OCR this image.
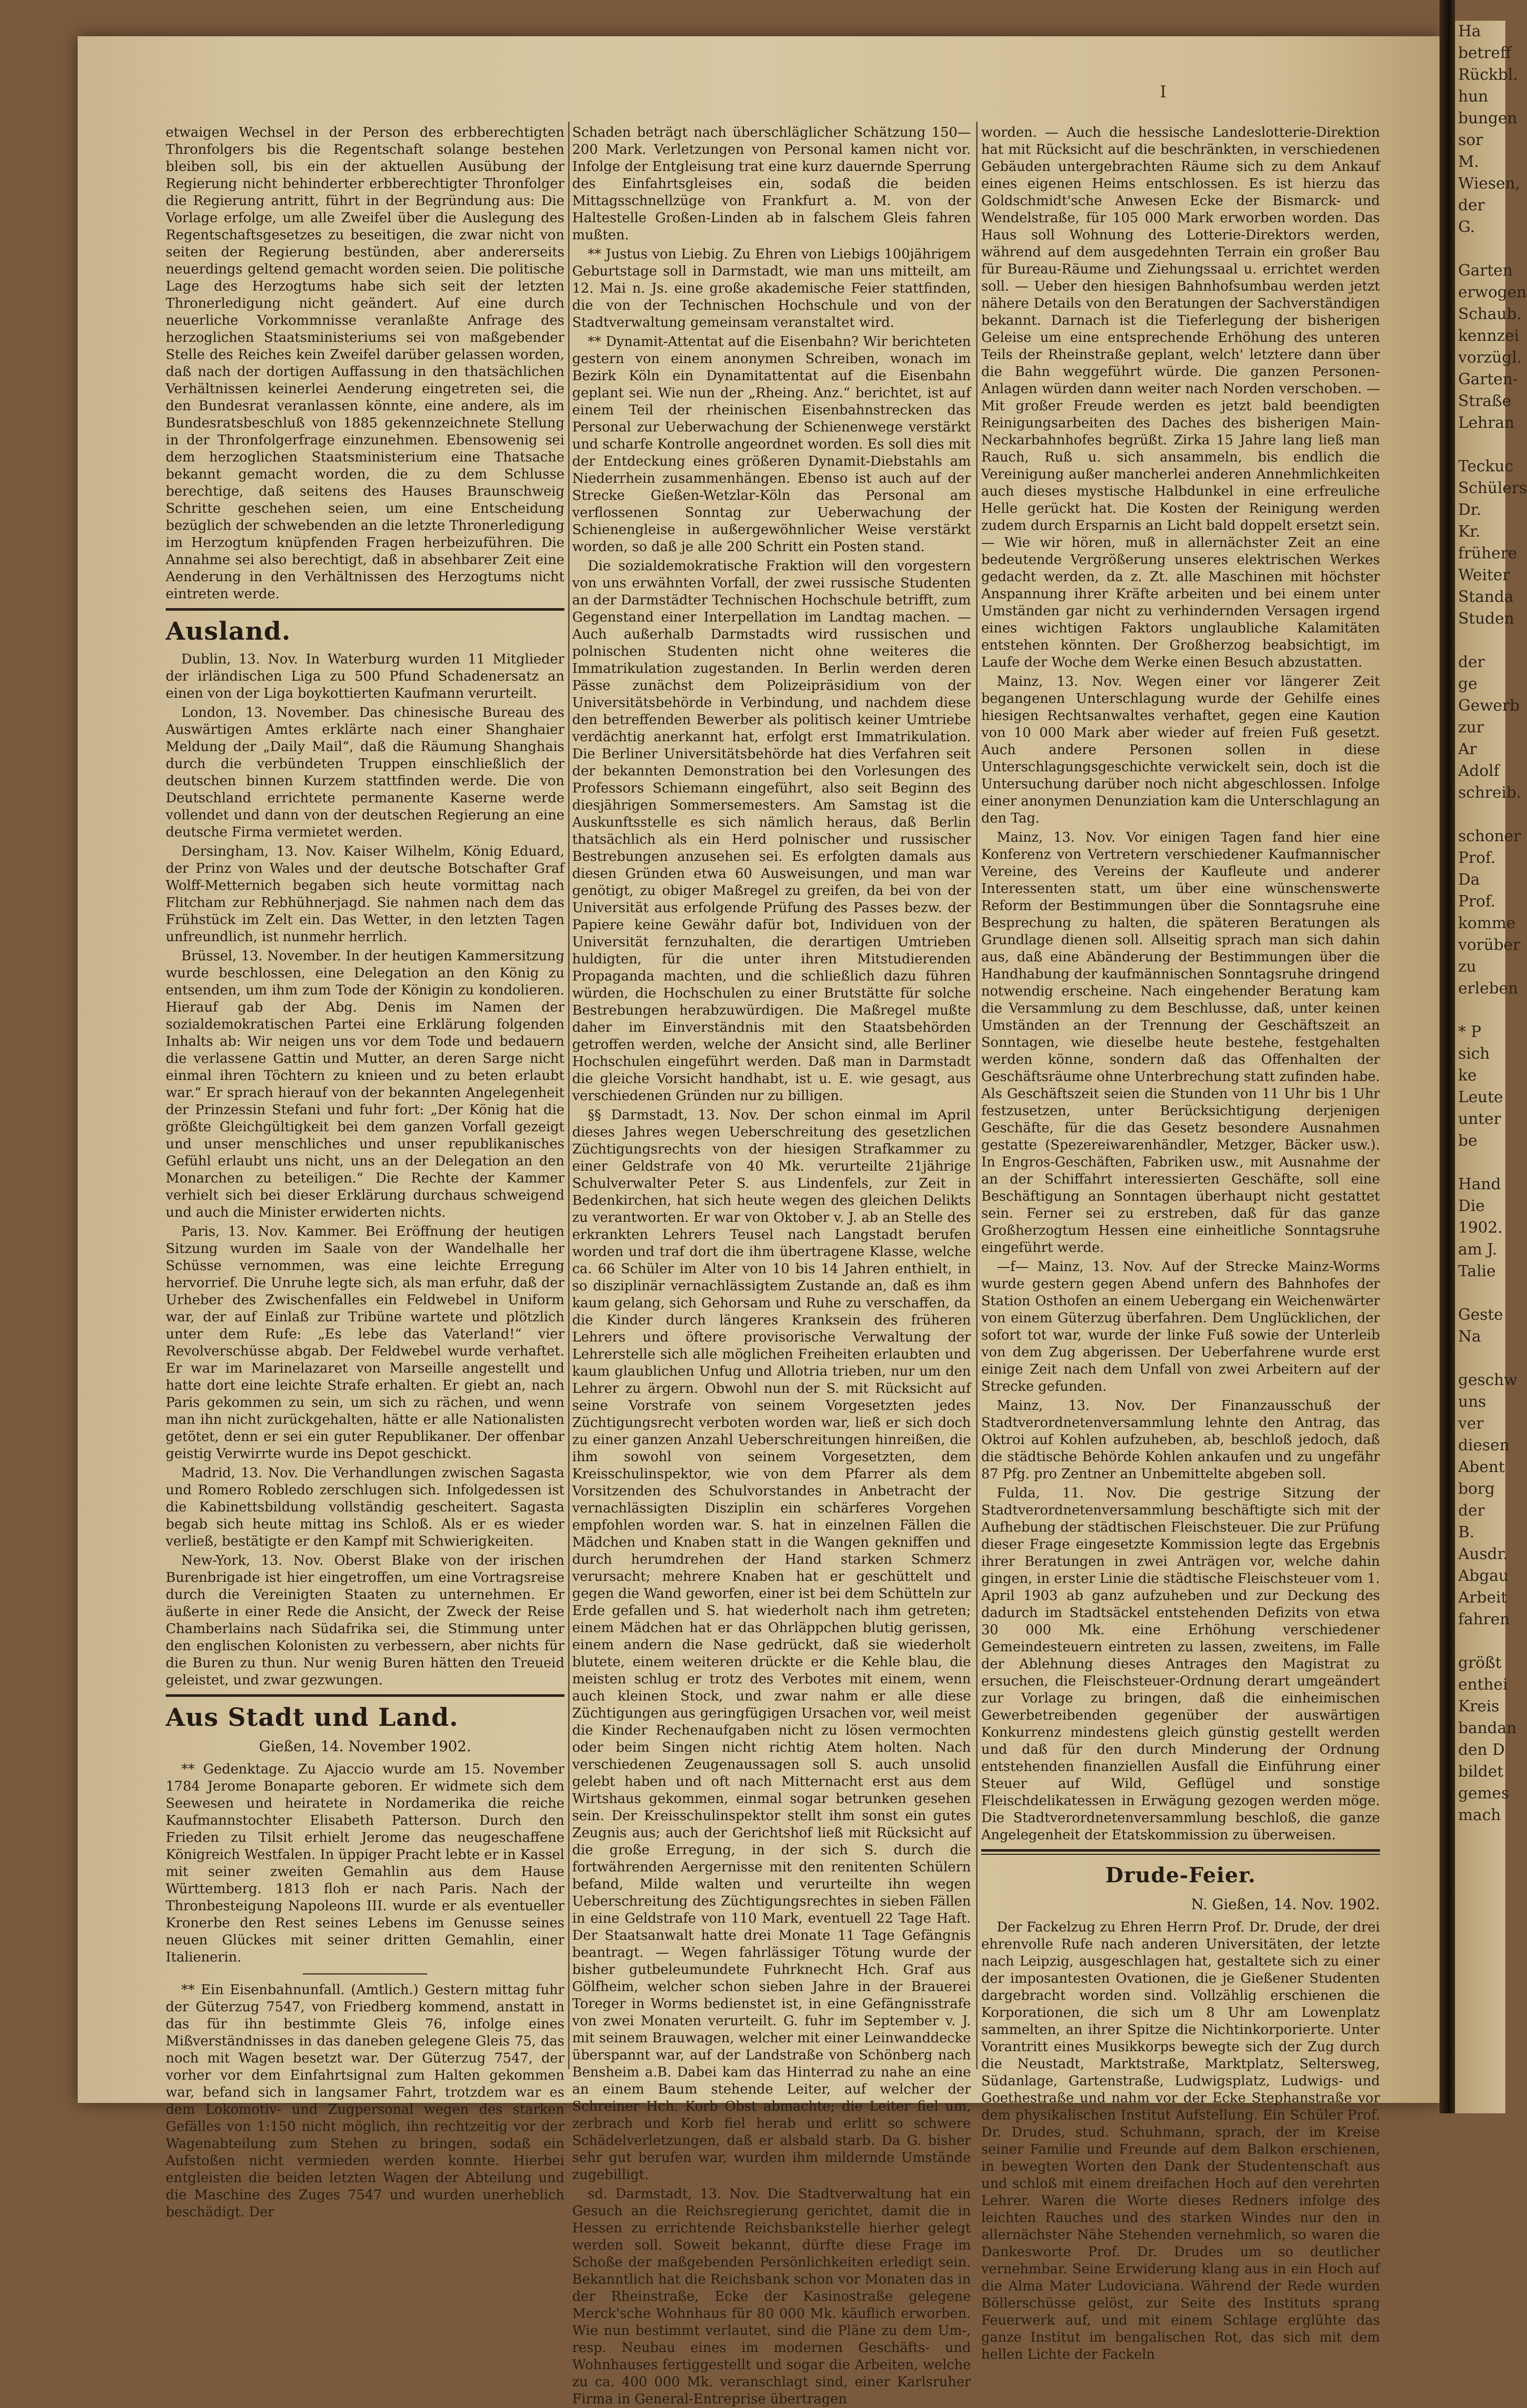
I
Ha
betreff
Rückbl.
hun
bungen
sor M.
Wiesen,
der G.

Garten
erwogen
Schaub.
kennzei
vorzügl.
Garten-
Straße
Lehran

Teckuc
Schülers
Dr. Kr.
frühere
Weiter
Standa
Studen

der ge
Gewerb
zur Ar
Adolf
schreib.

schoner
Prof. Da
Prof.
komme
vorüber
zu
erleben

* P
sich ke
Leute
unter be

Hand
Die
1902.
am J.
Talie

Geste
Na

geschw
uns ver
diesen
Abent
borg
der B.
Ausdr.
Abgau
Arbeit
fahren

größt
enthei
Kreis
bandan
den D
bildet
gemes
mach

etwaigen Wechsel in der Person des erbberechtigten Thronfolgers bis die Regentschaft solange bestehen bleiben soll, bis ein der aktuellen Ausübung der Regierung nicht behinderter erbberechtigter Thronfolger die Regierung antritt, führt in der Begründung aus: Die Vorlage erfolge, um alle Zweifel über die Auslegung des Regentschaftsgesetzes zu beseitigen, die zwar nicht von seiten der Regierung bestünden, aber andererseits neuerdings geltend gemacht worden seien. Die politische Lage des Herzogtums habe sich seit der letzten Thronerledigung nicht geändert. Auf eine durch neuerliche Vorkommnisse veranlaßte Anfrage des herzoglichen Staatsministeriums sei von maßgebender Stelle des Reiches kein Zweifel darüber gelassen worden, daß nach der dortigen Auffassung in den thatsächlichen Verhältnissen keinerlei Aenderung eingetreten sei, die den Bundesrat veranlassen könnte, eine andere, als im Bundesratsbeschluß von 1885 gekennzeichnete Stellung in der Thronfolgerfrage einzunehmen. Ebensowenig sei dem herzoglichen Staatsministerium eine Thatsache bekannt gemacht worden, die zu dem Schlusse berechtige, daß seitens des Hauses Braunschweig Schritte geschehen seien, um eine Entscheidung bezüglich der schwebenden an die letzte Thronerledigung im Herzogtum knüpfenden Fragen herbeizuführen. Die Annahme sei also berechtigt, daß in absehbarer Zeit eine Aenderung in den Verhältnissen des Herzogtums nicht eintreten werde.

Ausland.

Dublin, 13. Nov. In Waterburg wurden 11 Mitglieder der irländischen Liga zu 500 Pfund Schadenersatz an einen von der Liga boykottierten Kaufmann verurteilt.

London, 13. November. Das chinesische Bureau des Auswärtigen Amtes erklärte nach einer Shanghaier Meldung der „Daily Mail“, daß die Räumung Shanghais durch die verbündeten Truppen einschließlich der deutschen binnen Kurzem stattfinden werde. Die von Deutschland errichtete permanente Kaserne werde vollendet und dann von der deutschen Regierung an eine deutsche Firma vermietet werden.

Dersingham, 13. Nov. Kaiser Wilhelm, König Eduard, der Prinz von Wales und der deutsche Botschafter Graf Wolff-Metternich begaben sich heute vormittag nach Flitcham zur Rebhühnerjagd. Sie nahmen nach dem das Frühstück im Zelt ein. Das Wetter, in den letzten Tagen unfreundlich, ist nunmehr herrlich.

Brüssel, 13. November. In der heutigen Kammersitzung wurde beschlossen, eine Delegation an den König zu entsenden, um ihm zum Tode der Königin zu kondolieren. Hierauf gab der Abg. Denis im Namen der sozialdemokratischen Partei eine Erklärung folgenden Inhalts ab: Wir neigen uns vor dem Tode und bedauern die verlassene Gattin und Mutter, an deren Sarge nicht einmal ihren Töchtern zu knieen und zu beten erlaubt war.“ Er sprach hierauf von der bekannten Angelegenheit der Prinzessin Stefani und fuhr fort: „Der König hat die größte Gleichgültigkeit bei dem ganzen Vorfall gezeigt und unser menschliches und unser republikanisches Gefühl erlaubt uns nicht, uns an der Delegation an den Monarchen zu beteiligen.“ Die Rechte der Kammer verhielt sich bei dieser Erklärung durchaus schweigend und auch die Minister erwiderten nichts.

Paris, 13. Nov. Kammer. Bei Eröffnung der heutigen Sitzung wurden im Saale von der Wandelhalle her Schüsse vernommen, was eine leichte Erregung hervorrief. Die Unruhe legte sich, als man erfuhr, daß der Urheber des Zwischenfalles ein Feldwebel in Uniform war, der auf Einlaß zur Tribüne wartete und plötzlich unter dem Rufe: „Es lebe das Vaterland!“ vier Revolverschüsse abgab. Der Feldwebel wurde verhaftet. Er war im Marinelazaret von Marseille angestellt und hatte dort eine leichte Strafe erhalten. Er giebt an, nach Paris gekommen zu sein, um sich zu rächen, und wenn man ihn nicht zurückgehalten, hätte er alle Nationalisten getötet, denn er sei ein guter Republikaner. Der offenbar geistig Verwirrte wurde ins Depot geschickt.

Madrid, 13. Nov. Die Verhandlungen zwischen Sagasta und Romero Robledo zerschlugen sich. Infolgedessen ist die Kabinettsbildung vollständig gescheitert. Sagasta begab sich heute mittag ins Schloß. Als er es wieder verließ, bestätigte er den Kampf mit Schwierigkeiten.

New-York, 13. Nov. Oberst Blake von der irischen Burenbrigade ist hier eingetroffen, um eine Vortragsreise durch die Vereinigten Staaten zu unternehmen. Er äußerte in einer Rede die Ansicht, der Zweck der Reise Chamberlains nach Südafrika sei, die Stimmung unter den englischen Kolonisten zu verbessern, aber nichts für die Buren zu thun. Nur wenig Buren hätten den Treueid geleistet, und zwar gezwungen.

Aus Stadt und Land.
Gießen, 14. November 1902.

** Gedenktage. Zu Ajaccio wurde am 15. November 1784 Jerome Bonaparte geboren. Er widmete sich dem Seewesen und heiratete in Nordamerika die reiche Kaufmannstochter Elisabeth Patterson. Durch den Frieden zu Tilsit erhielt Jerome das neugeschaffene Königreich Westfalen. In üppiger Pracht lebte er in Kassel mit seiner zweiten Gemahlin aus dem Hause Württemberg. 1813 floh er nach Paris. Nach der Thronbesteigung Napoleons III. wurde er als eventueller Kronerbe den Rest seines Lebens im Genusse seines neuen Glückes mit seiner dritten Gemahlin, einer Italienerin.

** Ein Eisenbahnunfall. (Amtlich.) Gestern mittag fuhr der Güterzug 7547, von Friedberg kommend, anstatt in das für ihn bestimmte Gleis 76, infolge eines Mißverständnisses in das daneben gelegene Gleis 75, das noch mit Wagen besetzt war. Der Güterzug 7547, der vorher vor dem Einfahrtsignal zum Halten gekommen war, befand sich in langsamer Fahrt, trotzdem war es dem Lokomotiv- und Zugpersonal wegen des starken Gefälles von 1:150 nicht möglich, ihn rechtzeitig vor der Wagenabteilung zum Stehen zu bringen, sodaß ein Aufstoßen nicht vermieden werden konnte. Hierbei entgleisten die beiden letzten Wagen der Abteilung und die Maschine des Zuges 7547 und wurden unerheblich beschädigt. Der

Schaden beträgt nach überschläglicher Schätzung 150—200 Mark. Verletzungen von Personal kamen nicht vor. Infolge der Entgleisung trat eine kurz dauernde Sperrung des Einfahrtsgleises ein, sodaß die beiden Mittagsschnellzüge von Frankfurt a. M. von der Haltestelle Großen-Linden ab in falschem Gleis fahren mußten.

** Justus von Liebig. Zu Ehren von Liebigs 100jährigem Geburtstage soll in Darmstadt, wie man uns mitteilt, am 12. Mai n. Js. eine große akademische Feier stattfinden, die von der Technischen Hochschule und von der Stadtverwaltung gemeinsam veranstaltet wird.

** Dynamit-Attentat auf die Eisenbahn? Wir berichteten gestern von einem anonymen Schreiben, wonach im Bezirk Köln ein Dynamitattentat auf die Eisenbahn geplant sei. Wie nun der „Rheing. Anz.“ berichtet, ist auf einem Teil der rheinischen Eisenbahnstrecken das Personal zur Ueberwachung der Schienenwege verstärkt und scharfe Kontrolle angeordnet worden. Es soll dies mit der Entdeckung eines größeren Dynamit-Diebstahls am Niederrhein zusammenhängen. Ebenso ist auch auf der Strecke Gießen-Wetzlar-Köln das Personal am verflossenen Sonntag zur Ueberwachung der Schienengleise in außergewöhnlicher Weise verstärkt worden, so daß je alle 200 Schritt ein Posten stand.

Die sozialdemokratische Fraktion will den vorgestern von uns erwähnten Vorfall, der zwei russische Studenten an der Darmstädter Technischen Hochschule betrifft, zum Gegenstand einer Interpellation im Landtag machen. — Auch außerhalb Darmstadts wird russischen und polnischen Studenten nicht ohne weiteres die Immatrikulation zugestanden. In Berlin werden deren Pässe zunächst dem Polizeipräsidium von der Universitätsbehörde in Verbindung, und nachdem diese den betreffenden Bewerber als politisch keiner Umtriebe verdächtig anerkannt hat, erfolgt erst Immatrikulation. Die Berliner Universitätsbehörde hat dies Verfahren seit der bekannten Demonstration bei den Vorlesungen des Professors Schiemann eingeführt, also seit Beginn des diesjährigen Sommersemesters. Am Samstag ist die Auskunftsstelle es sich nämlich heraus, daß Berlin thatsächlich als ein Herd polnischer und russischer Bestrebungen anzusehen sei. Es erfolgten damals aus diesen Gründen etwa 60 Ausweisungen, und man war genötigt, zu obiger Maßregel zu greifen, da bei von der Universität aus erfolgende Prüfung des Passes bezw. der Papiere keine Gewähr dafür bot, Individuen von der Universität fernzuhalten, die derartigen Umtrieben huldigten, für die unter ihren Mitstudierenden Propaganda machten, und die schließlich dazu führen würden, die Hochschulen zu einer Brutstätte für solche Bestrebungen herabzuwürdigen. Die Maßregel mußte daher im Einverständnis mit den Staatsbehörden getroffen werden, welche der Ansicht sind, alle Berliner Hochschulen eingeführt werden. Daß man in Darmstadt die gleiche Vorsicht handhabt, ist u. E. wie gesagt, aus verschiedenen Gründen nur zu billigen.

§§ Darmstadt, 13. Nov. Der schon einmal im April dieses Jahres wegen Ueberschreitung des gesetzlichen Züchtigungsrechts von der hiesigen Strafkammer zu einer Geldstrafe von 40 Mk. verurteilte 21jährige Schulverwalter Peter S. aus Lindenfels, zur Zeit in Bedenkirchen, hat sich heute wegen des gleichen Delikts zu verantworten. Er war von Oktober v. J. ab an Stelle des erkrankten Lehrers Teusel nach Langstadt berufen worden und traf dort die ihm übertragene Klasse, welche ca. 66 Schüler im Alter von 10 bis 14 Jahren enthielt, in so disziplinär vernachlässigtem Zustande an, daß es ihm kaum gelang, sich Gehorsam und Ruhe zu verschaffen, da die Kinder durch längeres Kranksein des früheren Lehrers und öftere provisorische Verwaltung der Lehrerstelle sich alle möglichen Freiheiten erlaubten und kaum glaublichen Unfug und Allotria trieben, nur um den Lehrer zu ärgern. Obwohl nun der S. mit Rücksicht auf seine Vorstrafe von seinem Vorgesetzten jedes Züchtigungsrecht verboten worden war, ließ er sich doch zu einer ganzen Anzahl Ueberschreitungen hinreißen, die ihm sowohl von seinem Vorgesetzten, dem Kreisschulinspektor, wie von dem Pfarrer als dem Vorsitzenden des Schulvorstandes in Anbetracht der vernachlässigten Disziplin ein schärferes Vorgehen empfohlen worden war. S. hat in einzelnen Fällen die Mädchen und Knaben statt in die Wangen gekniffen und durch herumdrehen der Hand starken Schmerz verursacht; mehrere Knaben hat er geschüttelt und gegen die Wand geworfen, einer ist bei dem Schütteln zur Erde gefallen und S. hat wiederholt nach ihm getreten; einem Mädchen hat er das Ohrläppchen blutig gerissen, einem andern die Nase gedrückt, daß sie wiederholt blutete, einem weiteren drückte er die Kehle blau, die meisten schlug er trotz des Verbotes mit einem, wenn auch kleinen Stock, und zwar nahm er alle diese Züchtigungen aus geringfügigen Ursachen vor, weil meist die Kinder Rechenaufgaben nicht zu lösen vermochten oder beim Singen nicht richtig Atem holten. Nach verschiedenen Zeugenaussagen soll S. auch unsolid gelebt haben und oft nach Mitternacht erst aus dem Wirtshaus gekommen, einmal sogar betrunken gesehen sein. Der Kreisschulinspektor stellt ihm sonst ein gutes Zeugnis aus; auch der Gerichtshof ließ mit Rücksicht auf die große Erregung, in der sich S. durch die fortwährenden Aergernisse mit den renitenten Schülern befand, Milde walten und verurteilte ihn wegen Ueberschreitung des Züchtigungsrechtes in sieben Fällen in eine Geldstrafe von 110 Mark, eventuell 22 Tage Haft. Der Staatsanwalt hatte drei Monate 11 Tage Gefängnis beantragt. — Wegen fahrlässiger Tötung wurde der bisher gutbeleumundete Fuhrknecht Hch. Graf aus Gölfheim, welcher schon sieben Jahre in der Brauerei Toreger in Worms bedienstet ist, in eine Gefängnisstrafe von zwei Monaten verurteilt. G. fuhr im September v. J. mit seinem Brauwagen, welcher mit einer Leinwanddecke überspannt war, auf der Landstraße von Schönberg nach Bensheim a.B. Dabei kam das Hinterrad zu nahe an eine an einem Baum stehende Leiter, auf welcher der Schreiner Hch. Korb Obst abmachte; die Leiter fiel um, zerbrach und Korb fiel herab und erlitt so schwere Schädelverletzungen, daß er alsbald starb. Da G. bisher sehr gut berufen war, wurden ihm mildernde Umstände zugebilligt.

sd. Darmstadt, 13. Nov. Die Stadtverwaltung hat ein Gesuch an die Reichsregierung gerichtet, damit die in Hessen zu errichtende Reichsbankstelle hierher gelegt werden soll. Soweit bekannt, dürfte diese Frage im Schoße der maßgebenden Persönlichkeiten erledigt sein. Bekanntlich hat die Reichsbank schon vor Monaten das in der Rheinstraße, Ecke der Kasinostraße gelegene Merck'sche Wohnhaus für 80 000 Mk. käuflich erworben. Wie nun bestimmt verlautet, sind die Pläne zu dem Um-, resp. Neubau eines im modernen Geschäfts- und Wohnhauses fertiggestellt und sogar die Arbeiten, welche zu ca. 400 000 Mk. veranschlagt sind, einer Karlsruher Firma in General-Entreprise übertragen

worden. — Auch die hessische Landeslotterie-Direktion hat mit Rücksicht auf die beschränkten, in verschiedenen Gebäuden untergebrachten Räume sich zu dem Ankauf eines eigenen Heims entschlossen. Es ist hierzu das Goldschmidt'sche Anwesen Ecke der Bismarck- und Wendelstraße, für 105 000 Mark erworben worden. Das Haus soll Wohnung des Lotterie-Direktors werden, während auf dem ausgedehnten Terrain ein großer Bau für Bureau-Räume und Ziehungssaal u. errichtet werden soll. — Ueber den hiesigen Bahnhofsumbau werden jetzt nähere Details von den Beratungen der Sachverständigen bekannt. Darnach ist die Tieferlegung der bisherigen Geleise um eine entsprechende Erhöhung des unteren Teils der Rheinstraße geplant, welch' letztere dann über die Bahn weggeführt würde. Die ganzen Personen-Anlagen würden dann weiter nach Norden verschoben. — Mit großer Freude werden es jetzt bald beendigten Reinigungsarbeiten des Daches des bisherigen Main-Neckarbahnhofes begrüßt. Zirka 15 Jahre lang ließ man Rauch, Ruß u. sich ansammeln, bis endlich die Vereinigung außer mancherlei anderen Annehmlichkeiten auch dieses mystische Halbdunkel in eine erfreuliche Helle gerückt hat. Die Kosten der Reinigung werden zudem durch Ersparnis an Licht bald doppelt ersetzt sein. — Wie wir hören, muß in allernächster Zeit an eine bedeutende Vergrößerung unseres elektrischen Werkes gedacht werden, da z. Zt. alle Maschinen mit höchster Anspannung ihrer Kräfte arbeiten und bei einem unter Umständen gar nicht zu verhindernden Versagen irgend eines wichtigen Faktors unglaubliche Kalamitäten entstehen könnten. Der Großherzog beabsichtigt, im Laufe der Woche dem Werke einen Besuch abzustatten.

Mainz, 13. Nov. Wegen einer vor längerer Zeit begangenen Unterschlagung wurde der Gehilfe eines hiesigen Rechtsanwaltes verhaftet, gegen eine Kaution von 10 000 Mark aber wieder auf freien Fuß gesetzt. Auch andere Personen sollen in diese Unterschlagungsgeschichte verwickelt sein, doch ist die Untersuchung darüber noch nicht abgeschlossen. Infolge einer anonymen Denunziation kam die Unterschlagung an den Tag.

Mainz, 13. Nov. Vor einigen Tagen fand hier eine Konferenz von Vertretern verschiedener Kaufmannischer Vereine, des Vereins der Kaufleute und anderer Interessenten statt, um über eine wünschenswerte Reform der Bestimmungen über die Sonntagsruhe eine Besprechung zu halten, die späteren Beratungen als Grundlage dienen soll. Allseitig sprach man sich dahin aus, daß eine Abänderung der Bestimmungen über die Handhabung der kaufmännischen Sonntagsruhe dringend notwendig erscheine. Nach eingehender Beratung kam die Versammlung zu dem Beschlusse, daß, unter keinen Umständen an der Trennung der Geschäftszeit an Sonntagen, wie dieselbe heute bestehe, festgehalten werden könne, sondern daß das Offenhalten der Geschäftsräume ohne Unterbrechung statt zufinden habe. Als Geschäftszeit seien die Stunden von 11 Uhr bis 1 Uhr festzusetzen, unter Berücksichtigung derjenigen Geschäfte, für die das Gesetz besondere Ausnahmen gestatte (Spezereiwarenhändler, Metzger, Bäcker usw.). In Engros-Geschäften, Fabriken usw., mit Ausnahme der an der Schiffahrt interessierten Geschäfte, soll eine Beschäftigung an Sonntagen überhaupt nicht gestattet sein. Ferner sei zu erstreben, daß für das ganze Großherzogtum Hessen eine einheitliche Sonntagsruhe eingeführt werde.

—f— Mainz, 13. Nov. Auf der Strecke Mainz-Worms wurde gestern gegen Abend unfern des Bahnhofes der Station Osthofen an einem Uebergang ein Weichenwärter von einem Güterzug überfahren. Dem Unglücklichen, der sofort tot war, wurde der linke Fuß sowie der Unterleib von dem Zug abgerissen. Der Ueberfahrene wurde erst einige Zeit nach dem Unfall von zwei Arbeitern auf der Strecke gefunden.

Mainz, 13. Nov. Der Finanzausschuß der Stadtverordnetenversammlung lehnte den Antrag, das Oktroi auf Kohlen aufzuheben, ab, beschloß jedoch, daß die städtische Behörde Kohlen ankaufen und zu ungefähr 87 Pfg. pro Zentner an Unbemittelte abgeben soll.

Fulda, 11. Nov. Die gestrige Sitzung der Stadtverordnetenversammlung beschäftigte sich mit der Aufhebung der städtischen Fleischsteuer. Die zur Prüfung dieser Frage eingesetzte Kommission legte das Ergebnis ihrer Beratungen in zwei Anträgen vor, welche dahin gingen, in erster Linie die städtische Fleischsteuer vom 1. April 1903 ab ganz aufzuheben und zur Deckung des dadurch im Stadtsäckel entstehenden Defizits von etwa 30 000 Mk. eine Erhöhung verschiedener Gemeindesteuern eintreten zu lassen, zweitens, im Falle der Ablehnung dieses Antrages den Magistrat zu ersuchen, die Fleischsteuer-Ordnung derart umgeändert zur Vorlage zu bringen, daß die einheimischen Gewerbetreibenden gegenüber der auswärtigen Konkurrenz mindestens gleich günstig gestellt werden und daß für den durch Minderung der Ordnung entstehenden finanziellen Ausfall die Einführung einer Steuer auf Wild, Geflügel und sonstige Fleischdelikatessen in Erwägung gezogen werden möge. Die Stadtverordnetenversammlung beschloß, die ganze Angelegenheit der Etatskommission zu überweisen.

Drude-Feier.
N. Gießen, 14. Nov. 1902.

Der Fackelzug zu Ehren Herrn Prof. Dr. Drude, der drei ehrenvolle Rufe nach anderen Universitäten, der letzte nach Leipzig, ausgeschlagen hat, gestaltete sich zu einer der imposantesten Ovationen, die je Gießener Studenten dargebracht worden sind. Vollzählig erschienen die Korporationen, die sich um 8 Uhr am Lowenplatz sammelten, an ihrer Spitze die Nichtinkorporierte. Unter Vorantritt eines Musikkorps bewegte sich der Zug durch die Neustadt, Marktstraße, Marktplatz, Seltersweg, Südanlage, Gartenstraße, Ludwigsplatz, Ludwigs- und Goethestraße und nahm vor der Ecke Stephanstraße vor dem physikalischen Institut Aufstellung. Ein Schüler Prof. Dr. Drudes, stud. Schuhmann, sprach, der im Kreise seiner Familie und Freunde auf dem Balkon erschienen, in bewegten Worten den Dank der Studentenschaft aus und schloß mit einem dreifachen Hoch auf den verehrten Lehrer. Waren die Worte dieses Redners infolge des leichten Rauches und des starken Windes nur den in allernächster Nähe Stehenden vernehmlich, so waren die Dankesworte Prof. Dr. Drudes um so deutlicher vernehmbar. Seine Erwiderung klang aus in ein Hoch auf die Alma Mater Ludoviciana. Während der Rede wurden Böllerschüsse gelöst, zur Seite des Instituts sprang Feuerwerk auf, und mit einem Schlage erglühte das ganze Institut im bengalischen Rot, das sich mit dem hellen Lichte der Fackeln
